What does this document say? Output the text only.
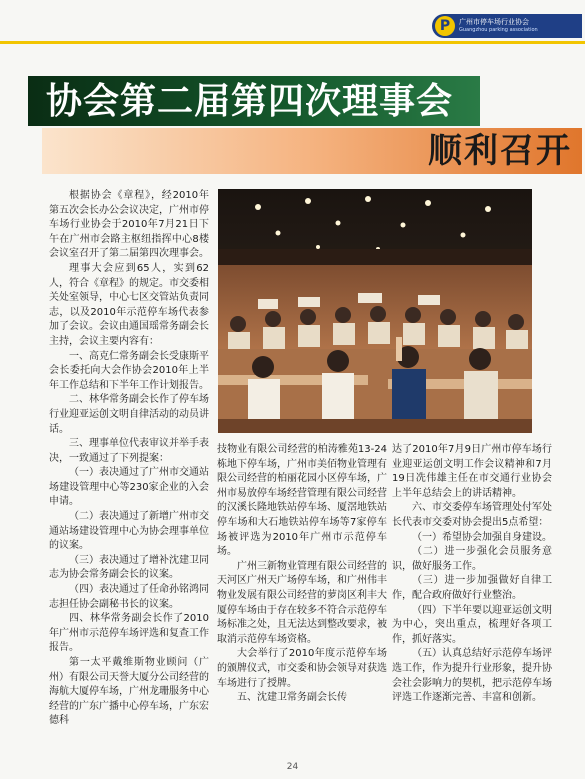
P	广州市停车场行业协会
Guangzhou parking association
协会第二届第四次理事会
顺利召开

根据协会《章程》，经2010年第五次会长办公会议决定，广州市停车场行业协会于2010年7月21日下午在广州市会路主枢纽指挥中心8楼会议室召开了第二届第四次理事会。

理事大会应到65人，实到62人，符合《章程》的规定。市交委相关处室领导，中心七区交管站负责同志，以及2010年示范停车场代表参加了会议。会议由通国瑶常务副会长主持，会议主要内容有：

一、高克仁常务副会长受康斯平会长委托向大会作协会2010年上半年工作总结和下半年工作计划报告。

二、林华常务副会长作了停车场行业迎亚运创文明自律活动的动员讲话。

三、理事单位代表审议并举手表决，一致通过了下列提案：

（一）表决通过了广州市交通站场建设管理中心等230家企业的入会申请。

（二）表决通过了新增广州市交通站场建设管理中心为协会理事单位的议案。

（三）表决通过了增补沈建卫同志为协会常务副会长的议案。

（四）表决通过了任命孙铭鸿同志担任协会副秘书长的议案。

四、林华常务副会长作了2010年广州市示范停车场评选和复查工作报告。

第一太平戴维斯物业顾问（广州）有限公司天誉大厦分公司经营的海航大厦停车场，广州龙珊服务中心经营的广东广播中心停车场，广东宏德科

技物业有限公司经营的柏涛雅苑13-24栋地下停车场，广州市美佰物业管理有限公司经营的柏丽花园小区停车场，广州市易放停车场经营管理有限公司经营的汉溪长隆地铁站停车场、厦滘地铁站停车场和大石地铁站停车场等7家停车场被评选为2010年广州市示范停车场。

广州三新物业管理有限公司经营的天河区广州天广场停车场，和广州伟丰物业发展有限公司经营的萝岗区利丰大厦停车场由于存在较多不符合示范停车场标准之处，且无法达到整改要求，被取消示范停车场资格。

大会举行了2010年度示范停车场的颁牌仪式，市交委和协会领导对获选车场进行了授牌。

五、沈建卫常务副会长传

达了2010年7月9日广州市停车场行业迎亚运创文明工作会议精神和7月19日冼伟雄主任在市交通行业协会上半年总结会上的讲话精神。

六、市交委停车场管理处付军处长代表市交委对协会提出5点希望：

（一）希望协会加强自身建设。

（二）进一步强化会员服务意识，做好服务工作。

（三）进一步加强做好自律工作，配合政府做好行业整治。

（四）下半年要以迎亚运创文明为中心，突出重点，梳理好各项工作，抓好落实。

（五）认真总结好示范停车场评选工作，作为提升行业形象，提升协会社会影响力的契机，把示范停车场评选工作逐渐完善、丰富和创新。

24
